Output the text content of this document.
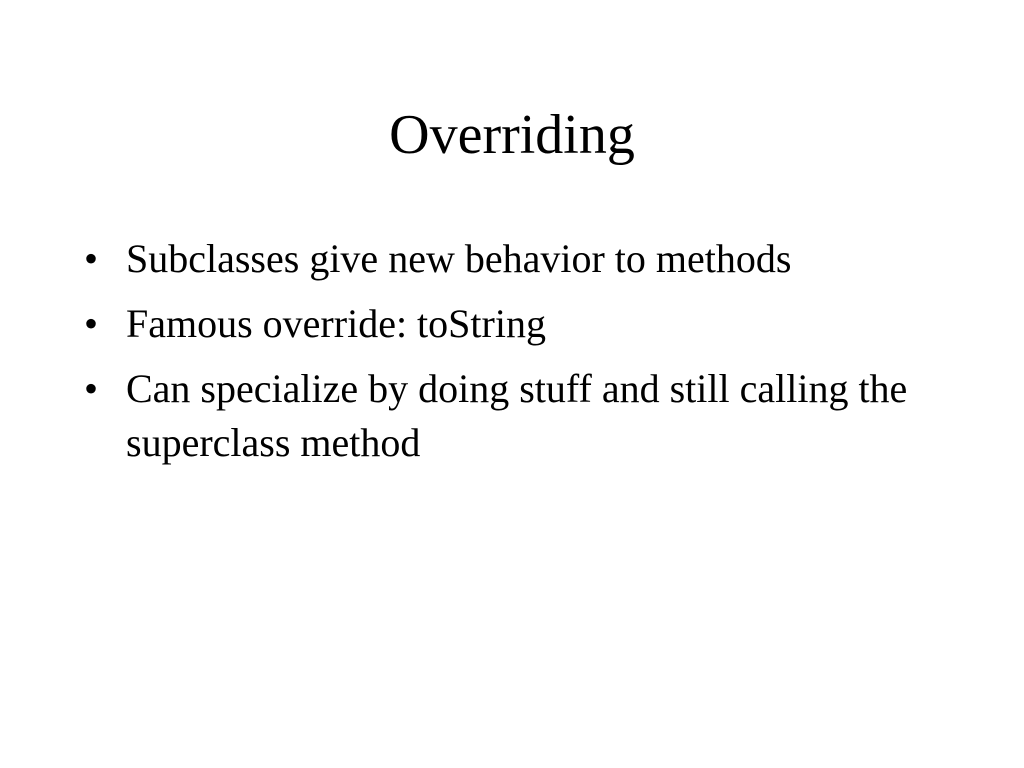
Overriding
• Subclasses give new behavior to methods
• Famous override: toString
• Can specialize by doing stuff and still calling the superclass method
